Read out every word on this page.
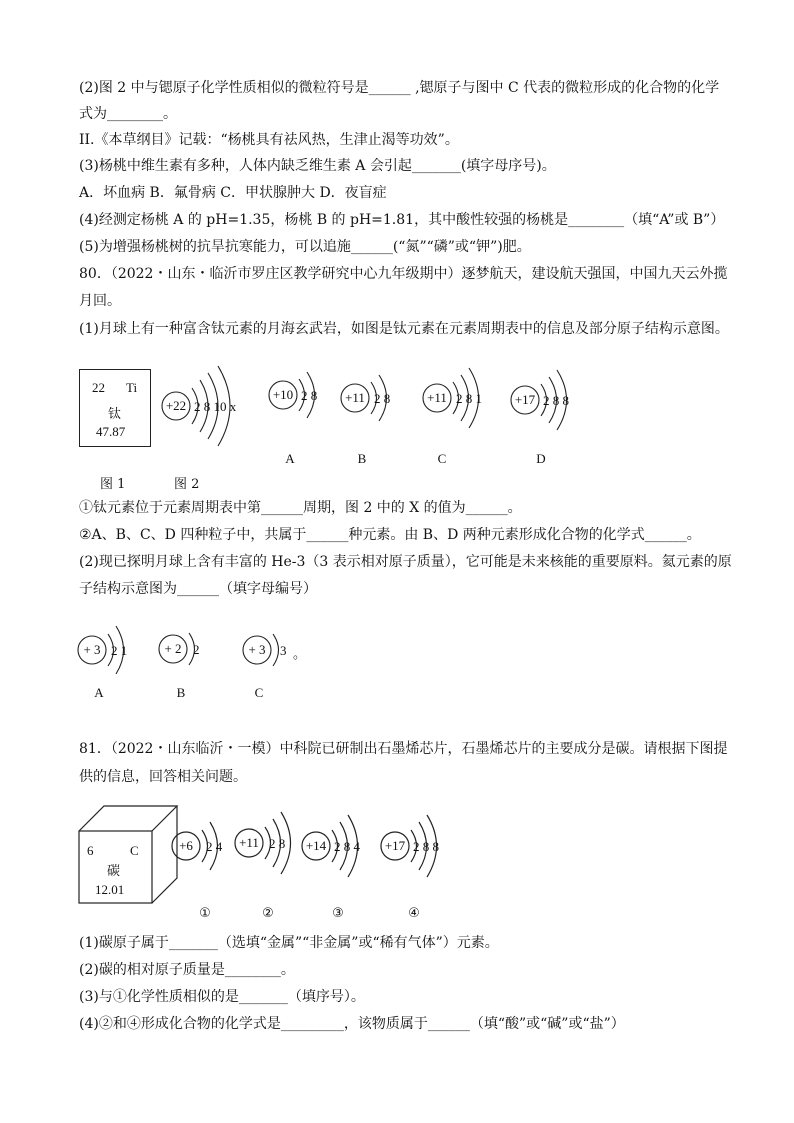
(2)图 2 中与锶原子化学性质相似的微粒符号是______ ,锶原子与图中 C 代表的微粒形成的化合物的化学
式为________。
II.《本草纲目》记载：“杨桃具有祛风热，生津止渴等功效”。
(3)杨桃中维生素有多种，人体内缺乏维生素 A 会引起_______(填字母序号)。
A．坏血病 B．氟骨病 C．甲状腺肿大 D．夜盲症
(4)经测定杨桃 A 的 pH=1.35，杨桃 B 的 pH=1.81，其中酸性较强的杨桃是________（填“A”或 B”）
(5)为增强杨桃树的抗旱抗寒能力，可以追施______(“氮”“磷”或“钾”)肥。
80．（2022・山东・临沂市罗庄区教学研究中心九年级期中）逐梦航天，建设航天强国，中国九天云外揽
月回。
(1)月球上有一种富含钛元素的月海玄武岩，如图是钛元素在元素周期表中的信息及部分原子结构示意图。
22 Ti
钛
47.87
+22 2 8 10 x
+10 2 8 +11 2 8	+11 2 8 1	+17 2 8 8
A	B	C	D
图 1	图 2
①钛元素位于元素周期表中第______周期，图 2 中的 X 的值为______。
②A、B、C、D 四种粒子中，共属于______种元素。由 B、D 两种元素形成化合物的化学式______。
(2)现已探明月球上含有丰富的 He-3（3 表示相对原子质量），它可能是未来核能的重要原料。氦元素的原
子结构示意图为______（填字母编号）
+ 3 2 1	+ 2 2	+ 3 3 。
A	B	C
81．（2022・山东临沂・一模）中科院已研制出石墨烯芯片，石墨烯芯片的主要成分是碳。请根据下图提
供的信息，回答相关问题。
6	C
碳
12.01
+6 2 4 +11 2 8 +14 2 8 4 +17 2 8 8
①	②	③	④
(1)碳原子属于_______（选填“金属”“非金属”或“稀有气体”）元素。
(2)碳的相对原子质量是________。
(3)与①化学性质相似的是_______（填序号）。
(4)②和④形成化合物的化学式是_________，该物质属于______（填“酸”或“碱”或“盐”）
